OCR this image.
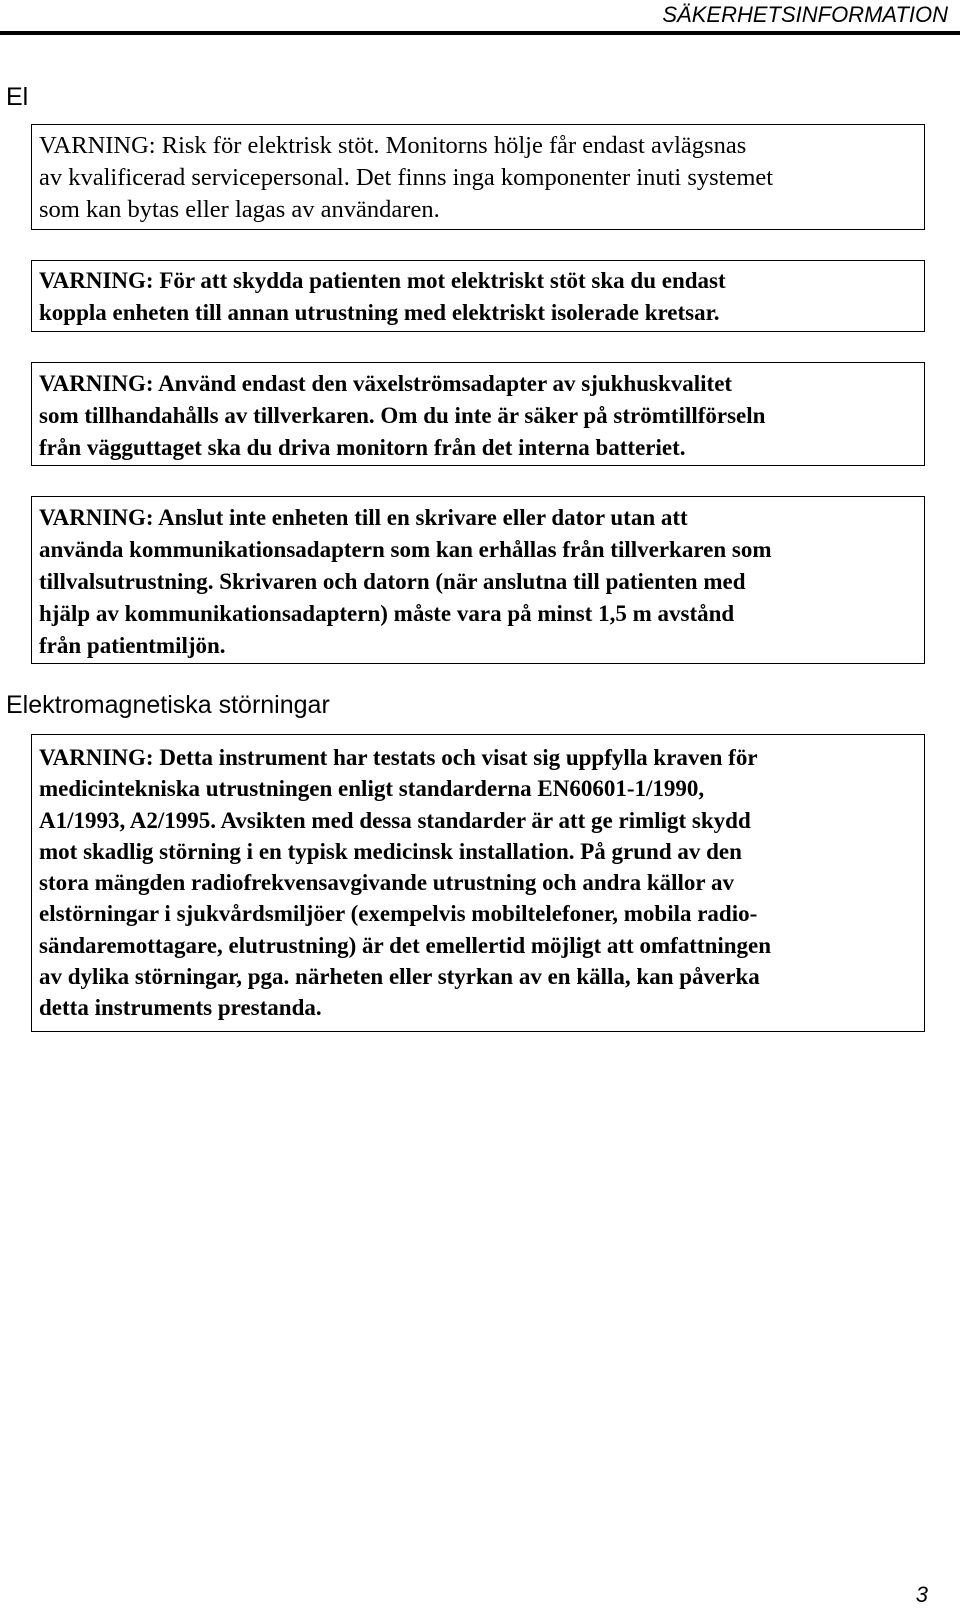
SÄKERHETSINFORMATION
El
VARNING: Risk för elektrisk stöt. Monitorns hölje får endast avlägsnas
av kvalificerad servicepersonal. Det finns inga komponenter inuti systemet
som kan bytas eller lagas av användaren.
VARNING: För att skydda patienten mot elektriskt stöt ska du endast
koppla enheten till annan utrustning med elektriskt isolerade kretsar.
VARNING: Använd endast den växelströmsadapter av sjukhuskvalitet
som tillhandahålls av tillverkaren. Om du inte är säker på strömtillförseln
från vägguttaget ska du driva monitorn från det interna batteriet.
VARNING: Anslut inte enheten till en skrivare eller dator utan att
använda kommunikationsadaptern som kan erhållas från tillverkaren som
tillvalsutrustning. Skrivaren och datorn (när anslutna till patienten med
hjälp av kommunikationsadaptern) måste vara på minst 1,5 m avstånd
från patientmiljön.
Elektromagnetiska störningar
VARNING: Detta instrument har testats och visat sig uppfylla kraven för
medicintekniska utrustningen enligt standarderna EN60601-1/1990,
A1/1993, A2/1995. Avsikten med dessa standarder är att ge rimligt skydd
mot skadlig störning i en typisk medicinsk installation. På grund av den
stora mängden radiofrekvensavgivande utrustning och andra källor av
elstörningar i sjukvårdsmiljöer (exempelvis mobiltelefoner, mobila radio-
sändaremottagare, elutrustning) är det emellertid möjligt att omfattningen
av dylika störningar, pga. närheten eller styrkan av en källa, kan påverka
detta instruments prestanda.
3
